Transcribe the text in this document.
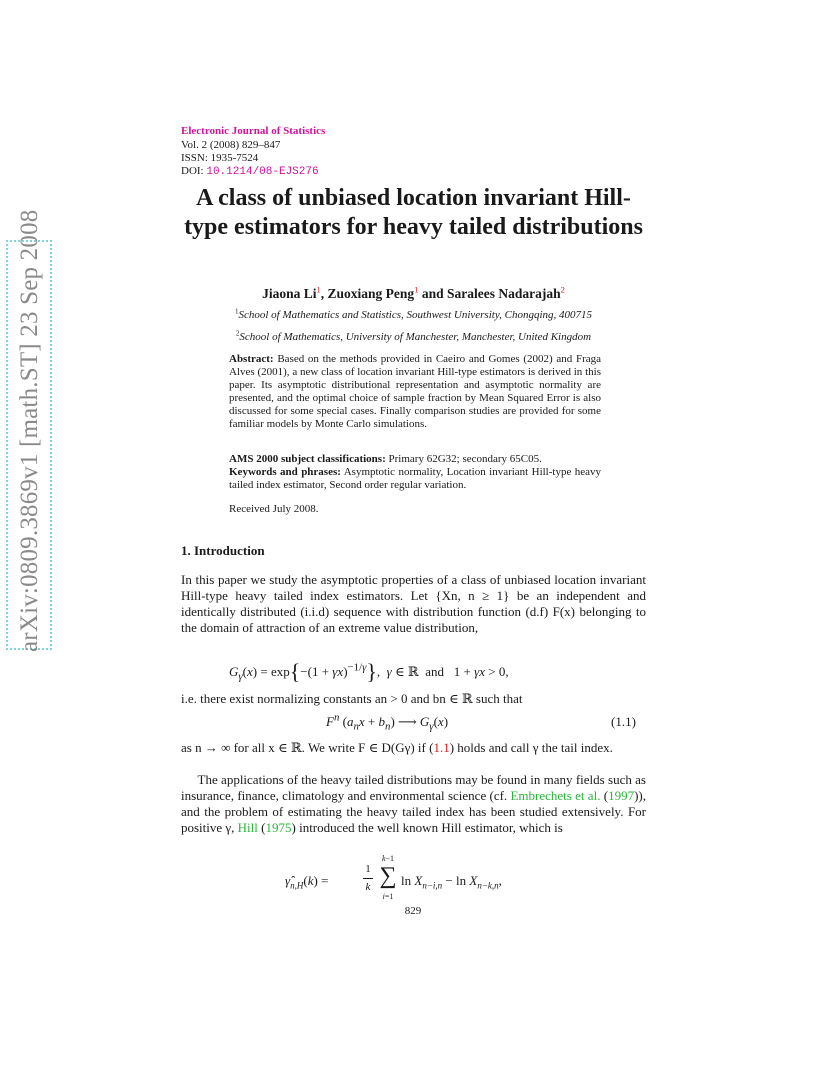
arXiv:0809.3869v1 [math.ST] 23 Sep 2008
Electronic Journal of Statistics
Vol. 2 (2008) 829–847
ISSN: 1935-7524
DOI: 10.1214/08-EJS276
A class of unbiased location invariant Hill-type estimators for heavy tailed distributions
Jiaona Li$^1$, Zuoxiang Peng$^1$ and Saralees Nadarajah$^2$
$^1$School of Mathematics and Statistics, Southwest University, Chongqing, 400715
$^2$School of Mathematics, University of Manchester, Manchester, United Kingdom
Abstract: Based on the methods provided in Caeiro and Gomes (2002) and Fraga Alves (2001), a new class of location invariant Hill-type estimators is derived in this paper. Its asymptotic distributional representation and asymptotic normality are presented, and the optimal choice of sample fraction by Mean Squared Error is also discussed for some special cases. Finally comparison studies are provided for some familiar models by Monte Carlo simulations.
AMS 2000 subject classifications: Primary 62G32; secondary 65C05.
Keywords and phrases: Asymptotic normality, Location invariant Hill-type heavy tailed index estimator, Second order regular variation.
Received July 2008.
1. Introduction
In this paper we study the asymptotic properties of a class of unbiased location invariant Hill-type heavy tailed index estimators. Let {Xn, n ≥ 1} be an independent and identically distributed (i.i.d) sequence with distribution function (d.f) F(x) belonging to the domain of attraction of an extreme value distribution,
$G_\gamma(x) = \exp\{-(1 + \gamma x)^{-1/\gamma}\}$,  γ ∈ ℝ  and   1 + γx > 0,
i.e. there exist normalizing constants an > 0 and bn ∈ ℝ such that
$F^n$ $(a_nx + b_n)$ ⟶ $G_\gamma(x)$	(1.1)
as n → ∞ for all x ∈ ℝ. We write F ∈ D(Gγ) if (1.1) holds and call γ the tail index.
The applications of the heavy tailed distributions may be found in many fields such as insurance, finance, climatology and environmental science (cf. Embrechets et al. (1997)), and the problem of estimating the heavy tailed index has been studied extensively. For positive γ, Hill (1975) introduced the well known Hill estimator, which is
$\gammâ_{n,H}(k)$ =
1
k
k−1
∑
i=1
$\ln X_{n-i,n} - \ln X_{n-k,n}$,
829
